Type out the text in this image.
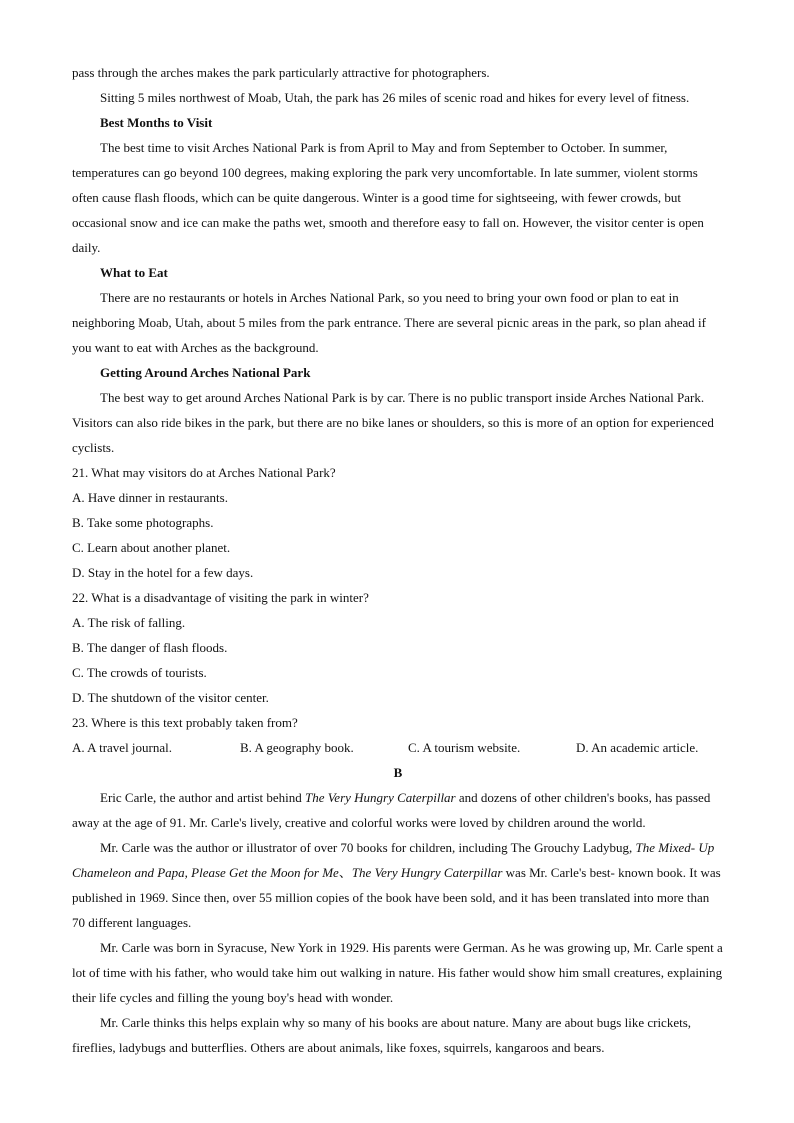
pass through the arches makes the park particularly attractive for photographers.

Sitting 5 miles northwest of Moab, Utah, the park has 26 miles of scenic road and hikes for every level of fitness.

Best Months to Visit

The best time to visit Arches National Park is from April to May and from September to October. In summer, temperatures can go beyond 100 degrees, making exploring the park very uncomfortable. In late summer, violent storms often cause flash floods, which can be quite dangerous. Winter is a good time for sightseeing, with fewer crowds, but occasional snow and ice can make the paths wet, smooth and therefore easy to fall on. However, the visitor center is open daily.

What to Eat

There are no restaurants or hotels in Arches National Park, so you need to bring your own food or plan to eat in neighboring Moab, Utah, about 5 miles from the park entrance. There are several picnic areas in the park, so plan ahead if you want to eat with Arches as the background.

Getting Around Arches National Park

The best way to get around Arches National Park is by car. There is no public transport inside Arches National Park. Visitors can also ride bikes in the park, but there are no bike lanes or shoulders, so this is more of an option for experienced cyclists.

21. What may visitors do at Arches National Park?

A. Have dinner in restaurants.
B. Take some photographs.
C. Learn about another planet.
D. Stay in the hotel for a few days.

22. What is a disadvantage of visiting the park in winter?

A. The risk of falling.
B. The danger of flash floods.
C. The crowds of tourists.
D. The shutdown of the visitor center.

23. Where is this text probably taken from?

A. A travel journal.	B. A geography book.	C. A tourism website.	D. An academic article.

B

Eric Carle, the author and artist behind The Very Hungry Caterpillar and dozens of other children's books, has passed away at the age of 91. Mr. Carle's lively, creative and colorful works were loved by children around the world.

Mr. Carle was the author or illustrator of over 70 books for children, including The Grouchy Ladybug, The Mixed- Up Chameleon and Papa, Please Get the Moon for Me、The Very Hungry Caterpillar was Mr. Carle's best- known book. It was published in 1969. Since then, over 55 million copies of the book have been sold, and it has been translated into more than 70 different languages.

Mr. Carle was born in Syracuse, New York in 1929. His parents were German. As he was growing up, Mr. Carle spent a lot of time with his father, who would take him out walking in nature. His father would show him small creatures, explaining their life cycles and filling the young boy's head with wonder.

Mr. Carle thinks this helps explain why so many of his books are about nature. Many are about bugs like crickets, fireflies, ladybugs and butterflies. Others are about animals, like foxes, squirrels, kangaroos and bears.
